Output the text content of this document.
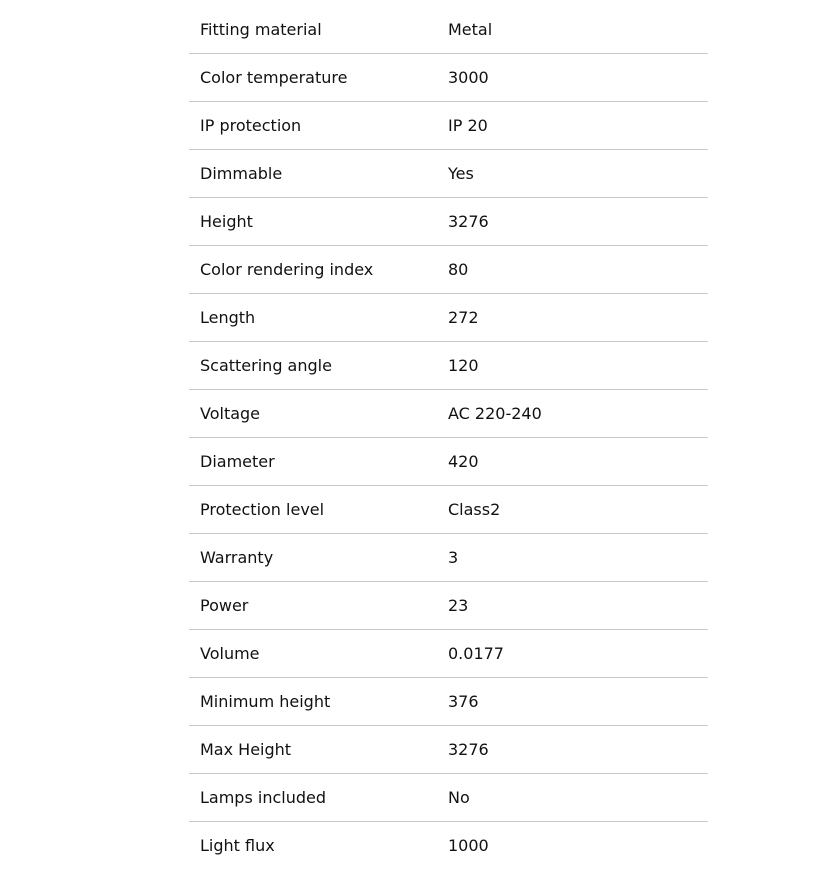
Fitting material	Metal
Color temperature	3000
IP protection	IP 20
Dimmable	Yes
Height	3276
Color rendering index	80
Length	272
Scattering angle	120
Voltage	AC 220-240
Diameter	420
Protection level	Class2
Warranty	3
Power	23
Volume	0.0177
Minimum height	376
Max Height	3276
Lamps included	No
Light flux	1000
